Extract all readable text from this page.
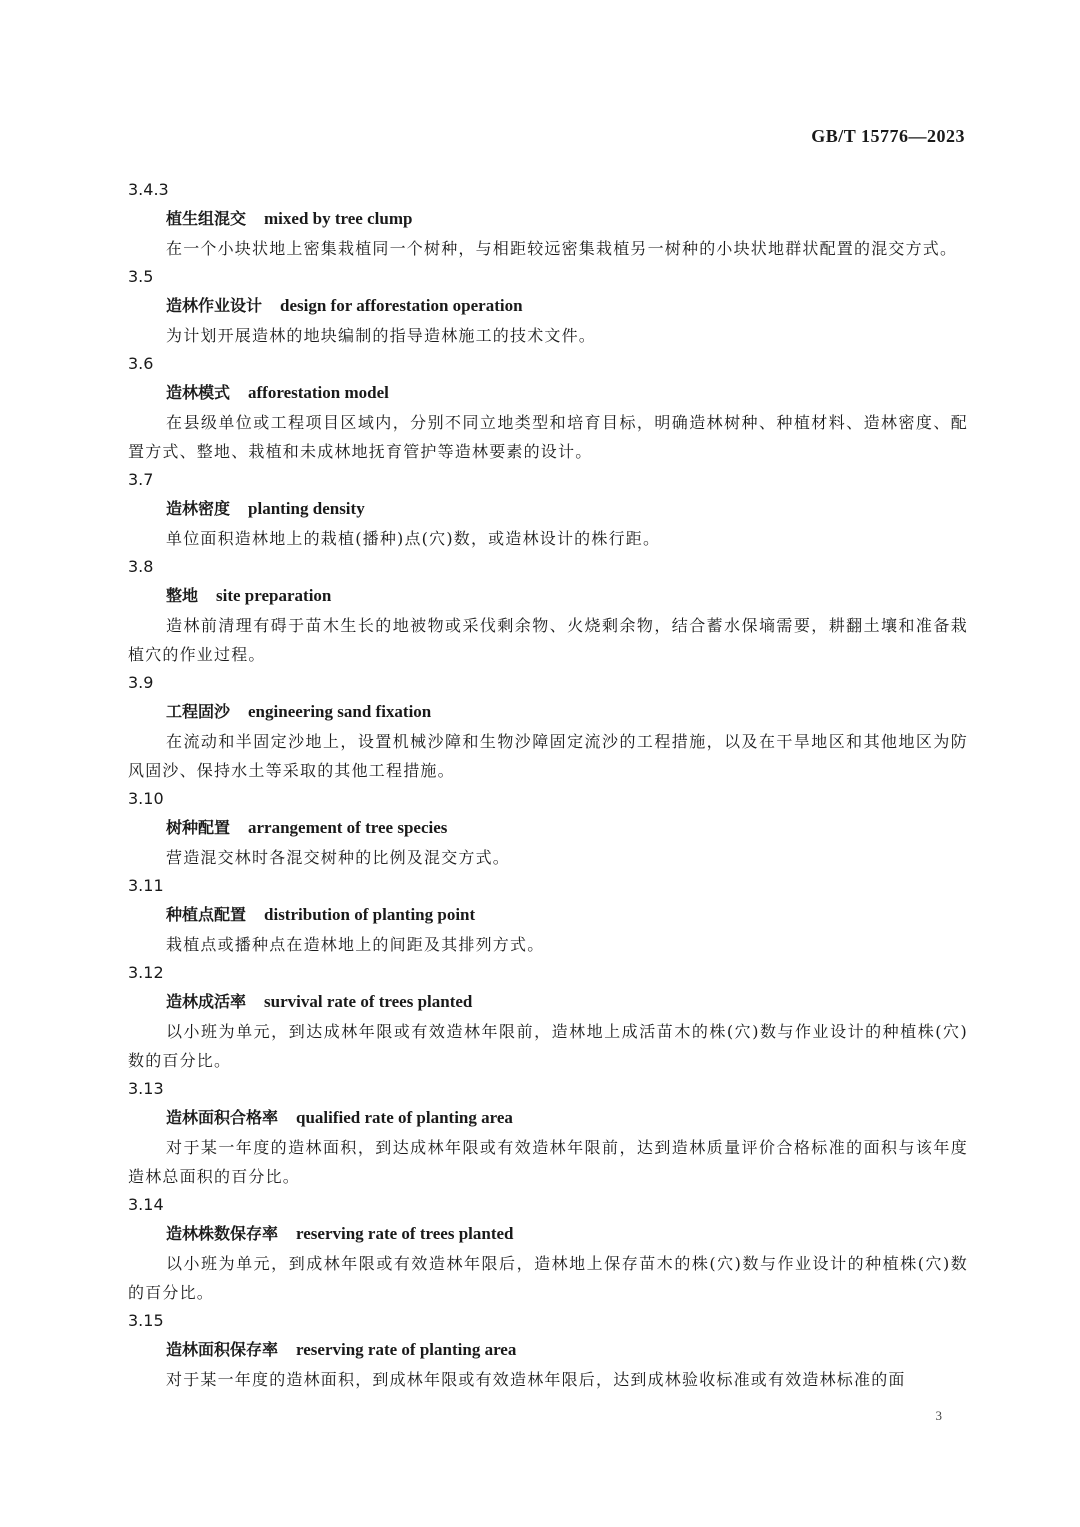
GB/T 15776—2023
3.4.3
植生组混交 mixed by tree clump
在一个小块状地上密集栽植同一个树种，与相距较远密集栽植另一树种的小块状地群状配置的混交方式。
3.5
造林作业设计 design for afforestation operation
为计划开展造林的地块编制的指导造林施工的技术文件。
3.6
造林模式 afforestation model
在县级单位或工程项目区域内，分别不同立地类型和培育目标，明确造林树种、种植材料、造林密度、配置方式、整地、栽植和未成林地抚育管护等造林要素的设计。
3.7
造林密度 planting density
单位面积造林地上的栽植(播种)点(穴)数，或造林设计的株行距。
3.8
整地 site preparation
造林前清理有碍于苗木生长的地被物或采伐剩余物、火烧剩余物，结合蓄水保墒需要，耕翻土壤和准备栽植穴的作业过程。
3.9
工程固沙 engineering sand fixation
在流动和半固定沙地上，设置机械沙障和生物沙障固定流沙的工程措施，以及在干旱地区和其他地区为防风固沙、保持水土等采取的其他工程措施。
3.10
树种配置 arrangement of tree species
营造混交林时各混交树种的比例及混交方式。
3.11
种植点配置 distribution of planting point
栽植点或播种点在造林地上的间距及其排列方式。
3.12
造林成活率 survival rate of trees planted
以小班为单元，到达成林年限或有效造林年限前，造林地上成活苗木的株(穴)数与作业设计的种植株(穴)数的百分比。
3.13
造林面积合格率 qualified rate of planting area
对于某一年度的造林面积，到达成林年限或有效造林年限前，达到造林质量评价合格标准的面积与该年度造林总面积的百分比。
3.14
造林株数保存率 reserving rate of trees planted
以小班为单元，到成林年限或有效造林年限后，造林地上保存苗木的株(穴)数与作业设计的种植株(穴)数的百分比。
3.15
造林面积保存率 reserving rate of planting area
对于某一年度的造林面积，到成林年限或有效造林年限后，达到成林验收标准或有效造林标准的面
3
